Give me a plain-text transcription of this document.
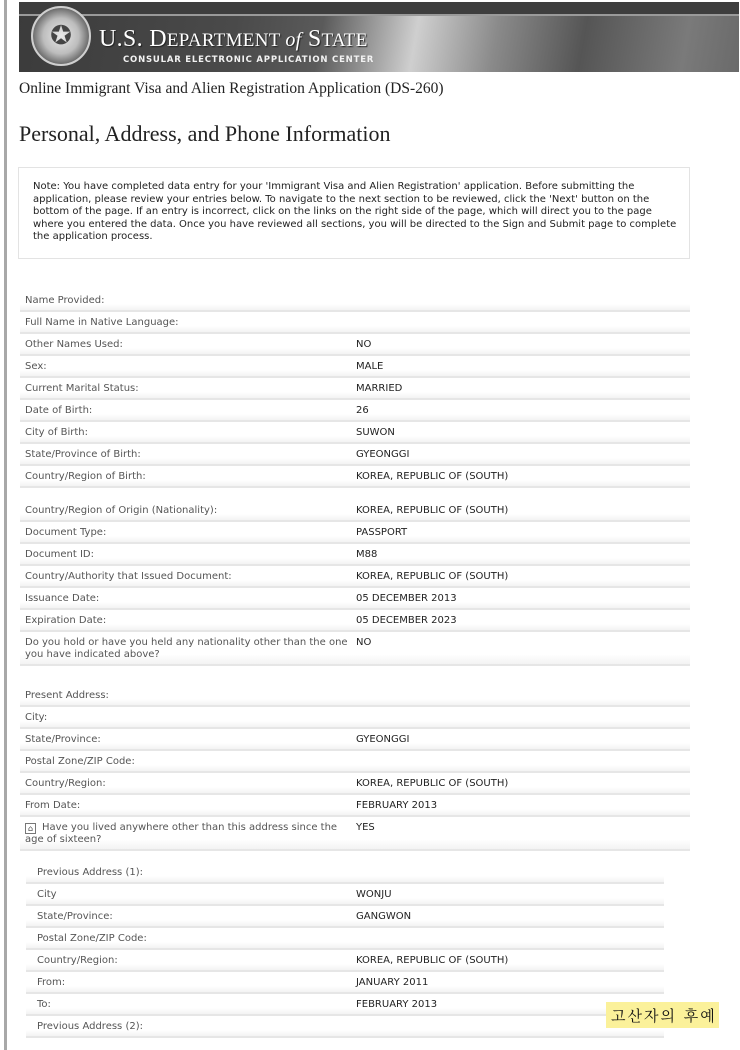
✪ U.S. DEPARTMENT of STATE
CONSULAR ELECTRONIC APPLICATION CENTER
Online Immigrant Visa and Alien Registration Application (DS-260)
Personal, Address, and Phone Information
Note: You have completed data entry for your 'Immigrant Visa and Alien Registration' application. Before submitting the application, please review your entries below. To navigate to the next section to be reviewed, click the 'Next' button on the bottom of the page. If an entry is incorrect, click on the links on the right side of the page, which will direct you to the page where you entered the data. Once you have reviewed all sections, you will be directed to the Sign and Submit page to complete the application process.
Name Provided:
Full Name in Native Language:
Other Names Used:	NO
Sex:	MALE
Current Marital Status:	MARRIED
Date of Birth:	26
City of Birth:	SUWON
State/Province of Birth:	GYEONGGI
Country/Region of Birth:	KOREA, REPUBLIC OF (SOUTH)
Country/Region of Origin (Nationality):	KOREA, REPUBLIC OF (SOUTH)
Document Type:	PASSPORT
Document ID:	M88
Country/Authority that Issued Document:	KOREA, REPUBLIC OF (SOUTH)
Issuance Date:	05 DECEMBER 2013
Expiration Date:	05 DECEMBER 2023
Do you hold or have you held any nationality other than the one you have indicated above?
NO
Present Address:
City:
State/Province:	GYEONGGI
Postal Zone/ZIP Code:
Country/Region:	KOREA, REPUBLIC OF (SOUTH)
From Date:	FEBRUARY 2013
⌂ Have you lived anywhere other than this address since the age of sixteen?
YES
Previous Address (1):
City	WONJU
State/Province:	GANGWON
Postal Zone/ZIP Code:
Country/Region:	KOREA, REPUBLIC OF (SOUTH)
From:	JANUARY 2011
To:	FEBRUARY 2013
Previous Address (2):
고산자의 후예
